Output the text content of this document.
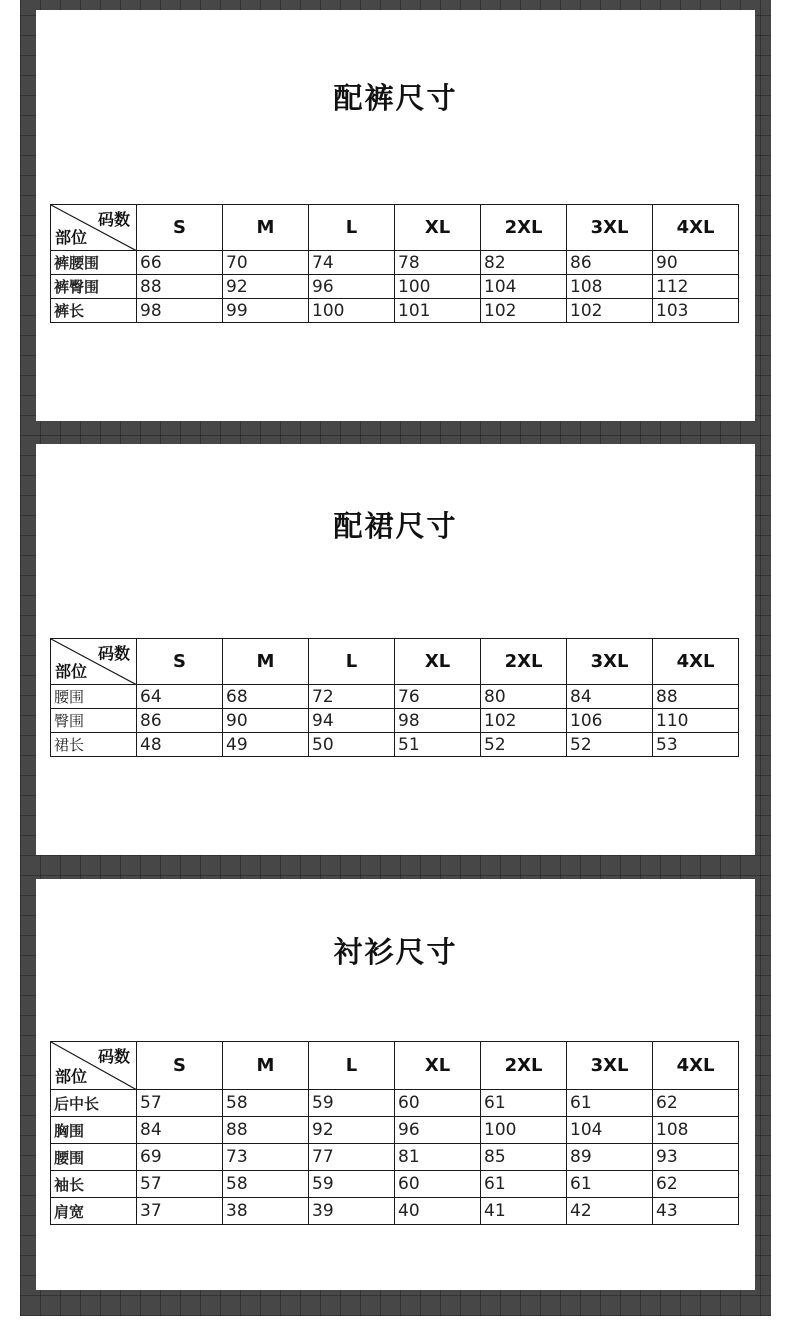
配裤尺寸
码数
部位	S	M	L	XL	2XL	3XL	4XL
裤腰围	66	70	74	78	82	86	90
裤臀围	88	92	96	100	104	108	112
裤长	98	99	100	101	102	102	103
配裙尺寸
码数
部位	S	M	L	XL	2XL	3XL	4XL
腰围	64	68	72	76	80	84	88
臀围	86	90	94	98	102	106	110
裙长	48	49	50	51	52	52	53
衬衫尺寸
码数
部位	S	M	L	XL	2XL	3XL	4XL
后中长	57	58	59	60	61	61	62
胸围	84	88	92	96	100	104	108
腰围	69	73	77	81	85	89	93
袖长	57	58	59	60	61	61	62
肩宽	37	38	39	40	41	42	43
